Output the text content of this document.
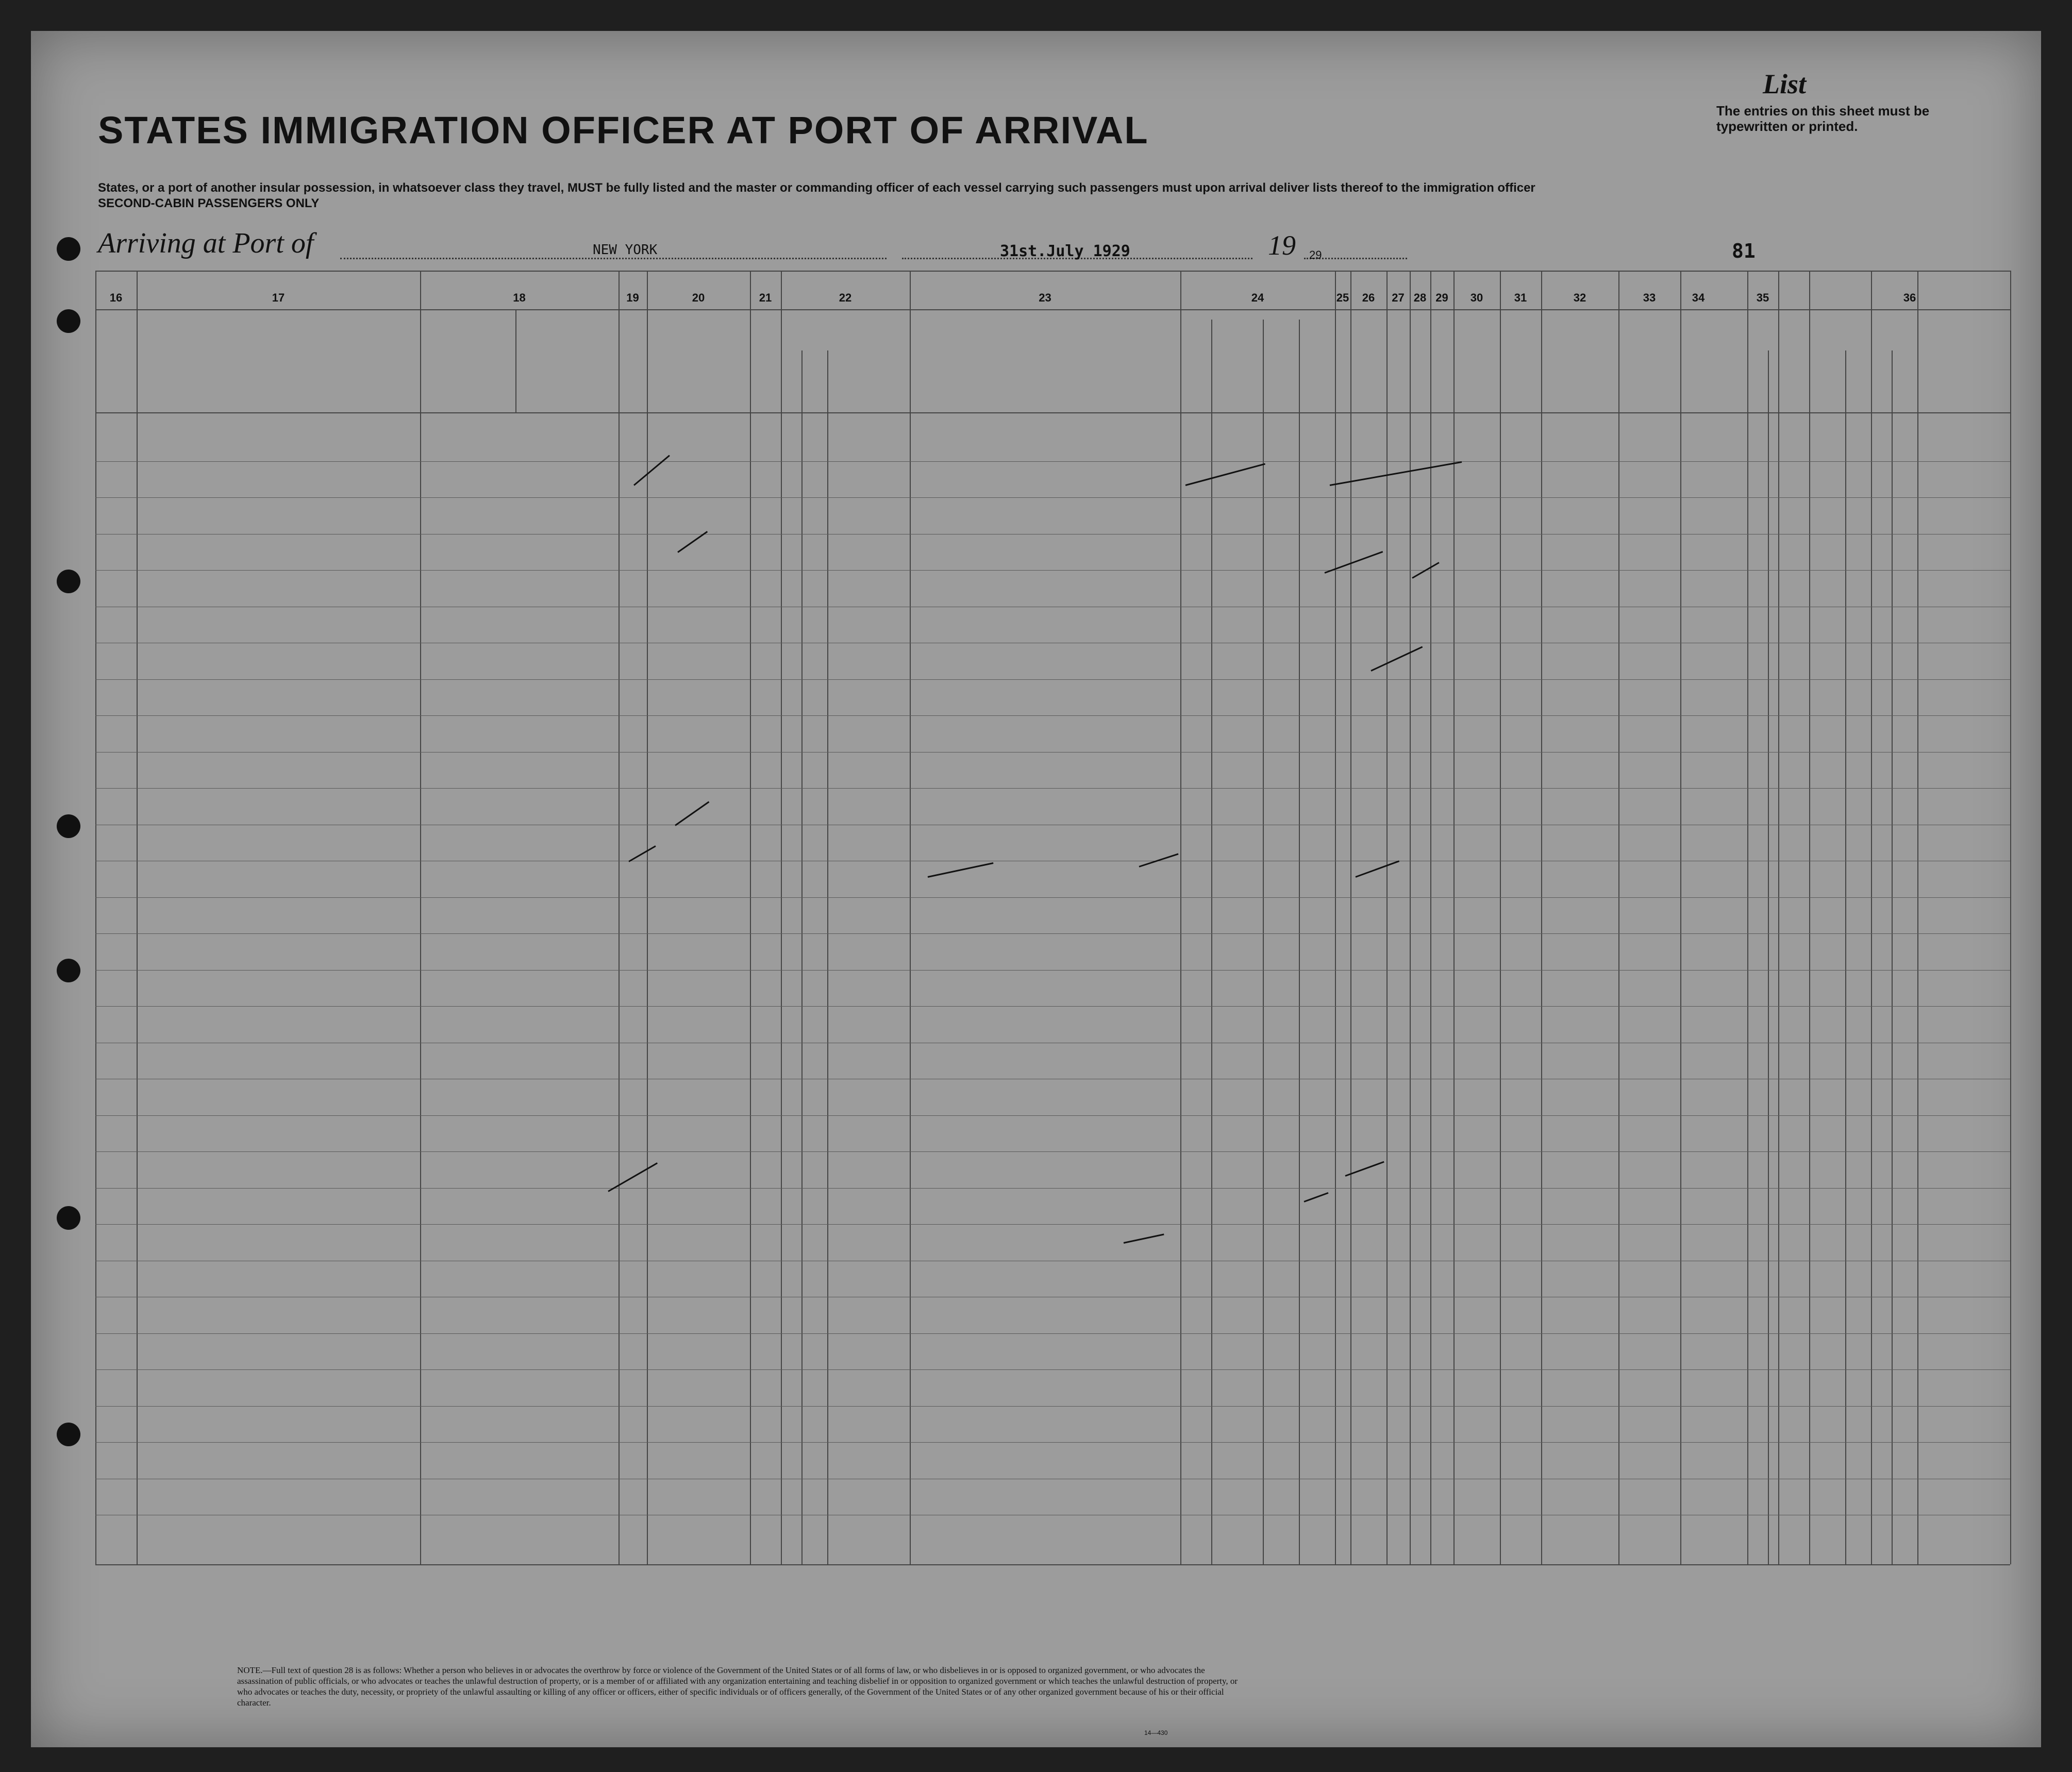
STATES IMMIGRATION OFFICER AT PORT OF ARRIVAL
List
The entries on this sheet must be typewritten or printed.
States, or a port of another insular possession, in whatsoever class they travel, MUST be fully listed and the master or commanding officer of each vessel carrying such passengers must upon arrival deliver lists thereof to the immigration officer
SECOND-CABIN PASSENGERS ONLY
Arriving at Port of	NEW YORK	31st.July 1929	19 29	81
16	17	18	19	20	21	22	23	24	25	26	27 28 29	30	31	32	33	34	35	36
NOTE.—Full text of question 28 is as follows: Whether a person who believes in or advocates the overthrow by force or violence of the Government of the United States or of all forms of law, or who disbelieves in or is opposed to organized government, or who advocates the assassination of public officials, or who advocates or teaches the unlawful destruction of property, or is a member of or affiliated with any organization entertaining and teaching disbelief in or opposition to organized government or which teaches the unlawful destruction of property, or who advocates or teaches the duty, necessity, or propriety of the unlawful assaulting or killing of any officer or officers, either of specific individuals or of officers generally, of the Government of the United States or of any other organized government because of his or their official character.
14—430
